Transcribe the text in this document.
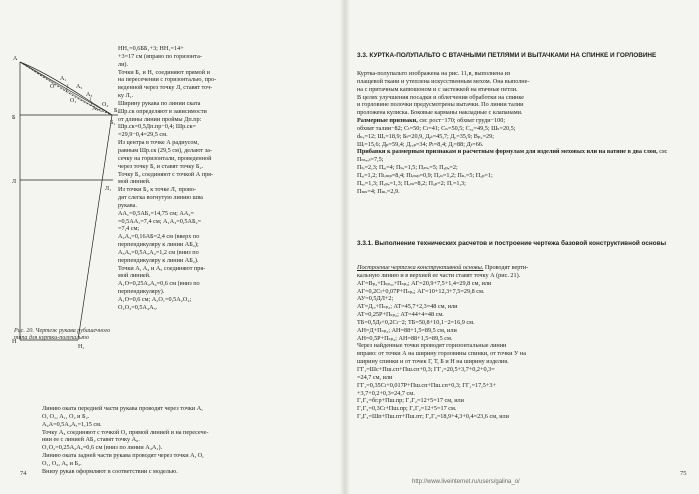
А
А₁
А₅
А₃
А₂
О₂
Б₂
Б
Б₁
Л
Л₁
Н
Н₁
О₁
О
Рис. 20. Чертеж рукава рубашечного типа для куртки-полупальто
НН₁=0,6ББ₁+3; НН₁=14+
+3=17 см (вправо по горизонта-
ли).
Точки Б₁ и Н₁ соединяют прямой и
на пересечении с горизонталью, про-
веденной через точку Л, ставят точ-
ку Л₁.
Ширину рукава по линии ската
Шр.ск определяют в зависимости
от длины линии проймы Дп.пр:
Шр.ск=0,5Дп.пр−0,4; Шр.ск=
=29,9−0,4=29,5 см.
Из центра в точке А радиусом,
равным Шр.ск (29,5 см), делают за-
сечку на горизонтали, проведенной
через точку Б, и ставят точку Б₂.
Точку Б₂ соединяют с точкой А пря-
мой линией.
Из точки Б₂ к точке Л₁ прово-
дят слегка вогнутую линию шва
рукава.
АА₁=0,5АБ₂=14,75 см; АА₂=
=0,5АА₁=7,4 см; А₁А₃=0,5АБ₂=
=7,4 см;
А₂А₄=0,16АБ=2,4 см (вверх по
перпендикуляру к линии АБ₂);
А₃А₅=0,5А₂А₄=1,2 см (вниз по
перпендикуляру к линии АБ₂).
Точки А, А₄ и А₅ соединяют пря-
мой линией.
А₁О=0,25А₂А₄=0,6 см (вниз по
перпендикуляру).
А₁О=0,6 см; А₂О₁=0,5А₂О₂;
О₂О₃=0,5А₄А₅.
Линию оката передней части рукава проводят через точки А,
О, О₁, А₁, О₂ и Б₂.
А₄А=0,5А₄А₅=1,15 см.
Точку А₄ соединяют с точкой О₂ прямой линией и на пересече-
нии ее с линией АБ₂ ставят точку А₆.
О₁О₂=0,25А₄А₅=0,6 см (вниз по линии А₄А₁).
Линию оката задней части рукава проводят через точки А, О,
О₁, О₂, А₆ и Б₂.
Внизу рукав оформляют в соответствии с моделью.
74
3.3. КУРТКА-ПОЛУПАЛЬТО С ВТАЧНЫМИ ПЕТЛЯМИ И ВЫТАЧКАМИ НА СПИНКЕ И ГОРЛОВИНЕ
Куртка-полупальто изображена на рис. 11,в, выполнена из
плащевой ткани и утеплена искусственным мехом. Она выполне-
на с притачным капюшоном и с застежкой на втачные петли.
В целях улучшения посадки и облегчения обработки на спинке
и горловине полочки предусмотрены вытачки. По линии талии
проложена кулиска. Боковые карманы накладные с клапанами.
Размерные признаки, см: рост−170; обхват груди−100;
обхват талии−82; Сₜ=50; Сₗ=41; Cₙ=50,5; Cₐ₂=49,5; Шₛ=20,5;
dₙₐ=12; Шₑ=18,9; Бₜ=20,9, Дₑₜ=45,7; Дₒ=35,9; Вₚ₂=29;
Шᵢ=15,6; Дₚ=59,4; Дᵣₐₚ=34; Рₗ=8,4; Дᵢ=88; Дₜ=66.

Прибавки к размерным признакам и расчетным формулам для изделий меховых или на ватине в два слоя, см: Пₛₛₑₒₜ=7,5;
Пₛᵢ=2,3; Пₑᵢ=4; Пₛₑ=1,5; Пᵢₘᵣ=5; Пₐₚₑ=2;
Пₑᵢ=1,2; Пₗᵢₘₚ=8,4; Пₗᵢₘₚ=0,9; Пₐₙ=1,2; Пₙᵣ=5; Пₐₚ=1;
Пₑₐ=1,3; Пₐₚₑ=1,3; Пₒₘ=8,2; Пₐₚ=2; Пᵣ=1,3;
Пₘₛ=4; Пₘᵣ=2,9.

3.3.1. Выполнение технических расчетов и построение чертежа базовой конструктивной основы
Построение чертежа конструктивной основы. Проводят верти-
кальную линию и в верхней ее части ставят точку А (рис. 21).
АГ=Вₚ₂+Пₛₚ₃ₐ+Пₛₚₐ; АГ=20,9+7,5+1,4=29,8 см, или
АГ=0,2Сₗ+0,07Р+Пₛₚₐ; АГ=10+12,3+7,5=29,8 см.
АУ=0,5ДЛ+2;
АТ=Дᵣₐ+Пₛₚ₂; АТ=45,7+2,3=48 см, или
АТ=0,25Р+Пₛₚ₂; АТ=44+4=48 см.
ТБ=0,5Дₜ+0,2Сₗ−2; ТБ=50,8+10,1−2=16,9 см.
АН=Д+Пₛₚ₂; АН=88+1,5=89,5 см, или
АН=0,5Р+Пₛₚ₂; АН=88+1,5=89,5 см.
Через найденные точки проводят горизонтальные линии
вправо: от точки А на ширину горловины спинки, от точки У на
ширину спинки и от точек Г, Т, Б и Н на ширину изделия.
ГГ₁=Шс+Пш.сп+Пш.сп+0,3; ГГ₁=20,5+3,7+0,2+0,3=
=24,7 см, или
ГГ₁=0,35Сₗ+0,017Р+Пш.сп+Пш.сп+0,3; ГГ₁=17,5+3+
+3,7+0,2+0,3=24,7 см.
Г₁Г₂=бг.р+Пш.пр; Г₁Г₂=12+5=17 см, или
Г₁Г₂=0,3Сₗ+Пш.пр; Г₁Г₂=12+5=17 см.
Г₂Г₃=Шп+Пш.пт+Пш.пт; Г₂Г₃=18,9+4,3+0,4=23,6 см, или

75
http://www.liveinternet.ru/users/galina_o/
